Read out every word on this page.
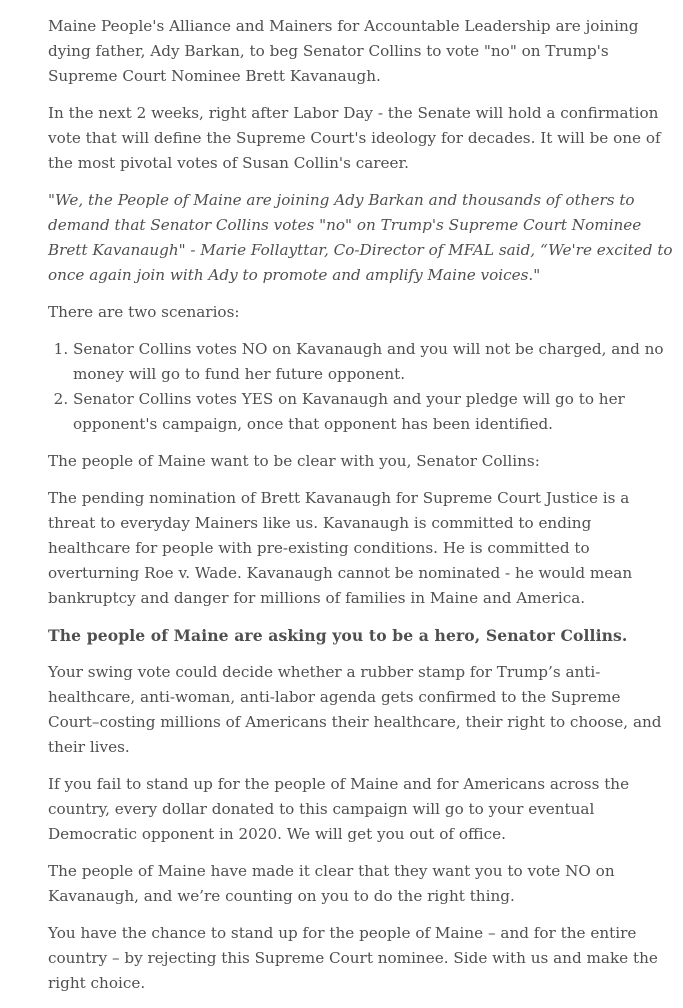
Maine People's Alliance and Mainers for Accountable Leadership are joining dying father, Ady Barkan, to beg Senator Collins to vote "no" on Trump's Supreme Court Nominee Brett Kavanaugh.

In the next 2 weeks, right after Labor Day - the Senate will hold a confirmation vote that will define the Supreme Court's ideology for decades. It will be one of the most pivotal votes of Susan Collin's career.

"We, the People of Maine are joining Ady Barkan and thousands of others to demand that Senator Collins votes "no" on Trump's Supreme Court Nominee Brett Kavanaugh" - Marie Follayttar, Co-Director of MFAL said, “We're excited to once again join with Ady to promote and amplify Maine voices."

There are two scenarios:

1. Senator Collins votes NO on Kavanaugh and you will not be charged, and no money will go to fund her future opponent.
2. Senator Collins votes YES on Kavanaugh and your pledge will go to her opponent's campaign, once that opponent has been identified.

The people of Maine want to be clear with you, Senator Collins:

The pending nomination of Brett Kavanaugh for Supreme Court Justice is a threat to everyday Mainers like us. Kavanaugh is committed to ending healthcare for people with pre-existing conditions. He is committed to overturning Roe v. Wade. Kavanaugh cannot be nominated - he would mean bankruptcy and danger for millions of families in Maine and America.

The people of Maine are asking you to be a hero, Senator Collins.

Your swing vote could decide whether a rubber stamp for Trump’s anti-healthcare, anti-woman, anti-labor agenda gets confirmed to the Supreme Court–costing millions of Americans their healthcare, their right to choose, and their lives.

If you fail to stand up for the people of Maine and for Americans across the country, every dollar donated to this campaign will go to your eventual Democratic opponent in 2020. We will get you out of office.

The people of Maine have made it clear that they want you to vote NO on Kavanaugh, and we’re counting on you to do the right thing.

You have the chance to stand up for the people of Maine – and for the entire country – by rejecting this Supreme Court nominee. Side with us and make the right choice.
